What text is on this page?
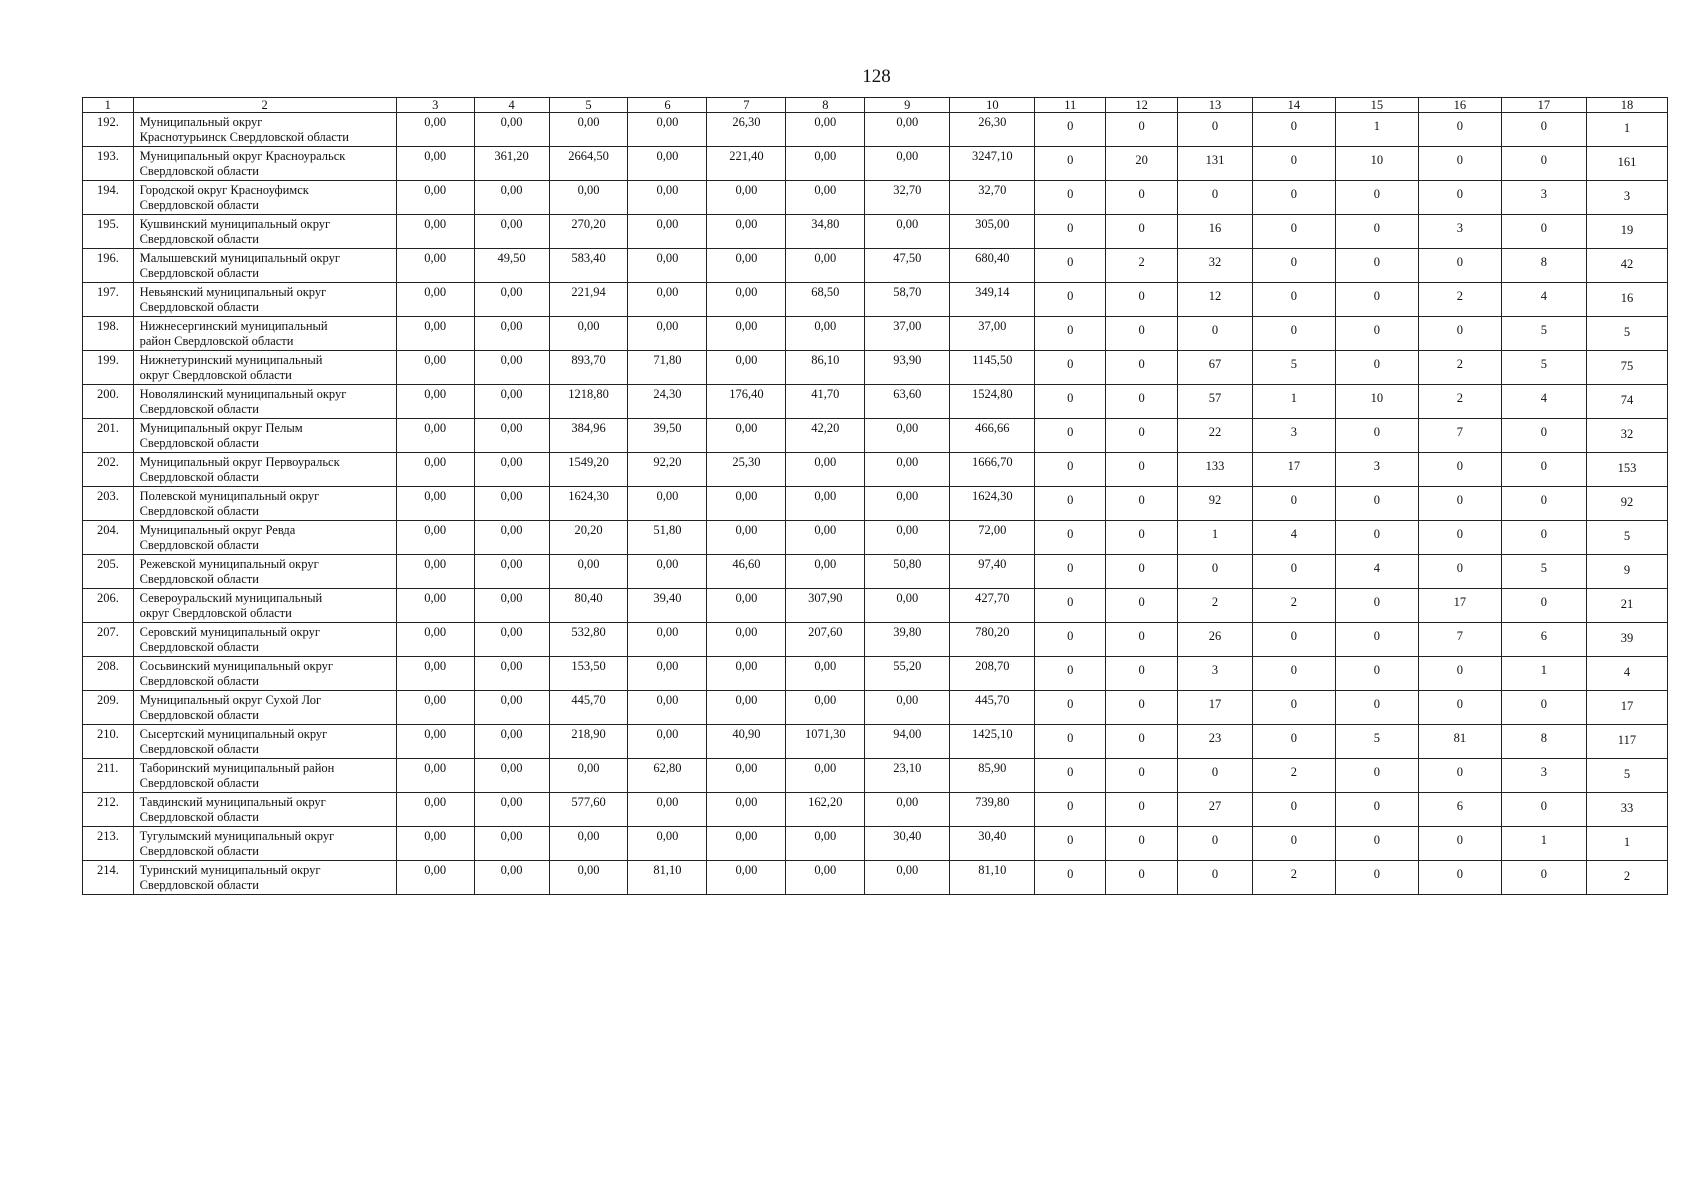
128
1	2	3	4	5	6	7	8	9	10	11	12	13	14	15	16	17	18
192.	Муниципальный округ
Краснотурьинск Свердловской области	0,00	0,00	0,00	0,00	26,30	0,00	0,00	26,30	0	0	0	0	1	0	0	1
193.	Муниципальный округ Красноуральск
Свердловской области	0,00	361,20	2664,50	0,00	221,40	0,00	0,00	3247,10	0	20	131	0	10	0	0	161
194.	Городской округ Красноуфимск
Свердловской области	0,00	0,00	0,00	0,00	0,00	0,00	32,70	32,70	0	0	0	0	0	0	3	3
195.	Кушвинский муниципальный округ
Свердловской области	0,00	0,00	270,20	0,00	0,00	34,80	0,00	305,00	0	0	16	0	0	3	0	19
196.	Малышевский муниципальный округ
Свердловской области	0,00	49,50	583,40	0,00	0,00	0,00	47,50	680,40	0	2	32	0	0	0	8	42
197.	Невьянский муниципальный округ
Свердловской области	0,00	0,00	221,94	0,00	0,00	68,50	58,70	349,14	0	0	12	0	0	2	4	16
198.	Нижнесергинский муниципальный
район Свердловской области	0,00	0,00	0,00	0,00	0,00	0,00	37,00	37,00	0	0	0	0	0	0	5	5
199.	Нижнетуринский муниципальный
округ Свердловской области	0,00	0,00	893,70	71,80	0,00	86,10	93,90	1145,50	0	0	67	5	0	2	5	75
200.	Новолялинский муниципальный округ
Свердловской области	0,00	0,00	1218,80	24,30	176,40	41,70	63,60	1524,80	0	0	57	1	10	2	4	74
201.	Муниципальный округ Пелым
Свердловской области	0,00	0,00	384,96	39,50	0,00	42,20	0,00	466,66	0	0	22	3	0	7	0	32
202.	Муниципальный округ Первоуральск
Свердловской области	0,00	0,00	1549,20	92,20	25,30	0,00	0,00	1666,70	0	0	133	17	3	0	0	153
203.	Полевской муниципальный округ
Свердловской области	0,00	0,00	1624,30	0,00	0,00	0,00	0,00	1624,30	0	0	92	0	0	0	0	92
204.	Муниципальный округ Ревда
Свердловской области	0,00	0,00	20,20	51,80	0,00	0,00	0,00	72,00	0	0	1	4	0	0	0	5
205.	Режевской муниципальный округ
Свердловской области	0,00	0,00	0,00	0,00	46,60	0,00	50,80	97,40	0	0	0	0	4	0	5	9
206.	Североуральский муниципальный
округ Свердловской области	0,00	0,00	80,40	39,40	0,00	307,90	0,00	427,70	0	0	2	2	0	17	0	21
207.	Серовский муниципальный округ
Свердловской области	0,00	0,00	532,80	0,00	0,00	207,60	39,80	780,20	0	0	26	0	0	7	6	39
208.	Сосьвинский муниципальный округ
Свердловской области	0,00	0,00	153,50	0,00	0,00	0,00	55,20	208,70	0	0	3	0	0	0	1	4
209.	Муниципальный округ Сухой Лог
Свердловской области	0,00	0,00	445,70	0,00	0,00	0,00	0,00	445,70	0	0	17	0	0	0	0	17
210.	Сысертский муниципальный округ
Свердловской области	0,00	0,00	218,90	0,00	40,90	1071,30	94,00	1425,10	0	0	23	0	5	81	8	117
211.	Таборинский муниципальный район
Свердловской области	0,00	0,00	0,00	62,80	0,00	0,00	23,10	85,90	0	0	0	2	0	0	3	5
212.	Тавдинский муниципальный округ
Свердловской области	0,00	0,00	577,60	0,00	0,00	162,20	0,00	739,80	0	0	27	0	0	6	0	33
213.	Тугулымский муниципальный округ
Свердловской области	0,00	0,00	0,00	0,00	0,00	0,00	30,40	30,40	0	0	0	0	0	0	1	1
214.	Туринский муниципальный округ
Свердловской области	0,00	0,00	0,00	81,10	0,00	0,00	0,00	81,10	0	0	0	2	0	0	0	2
